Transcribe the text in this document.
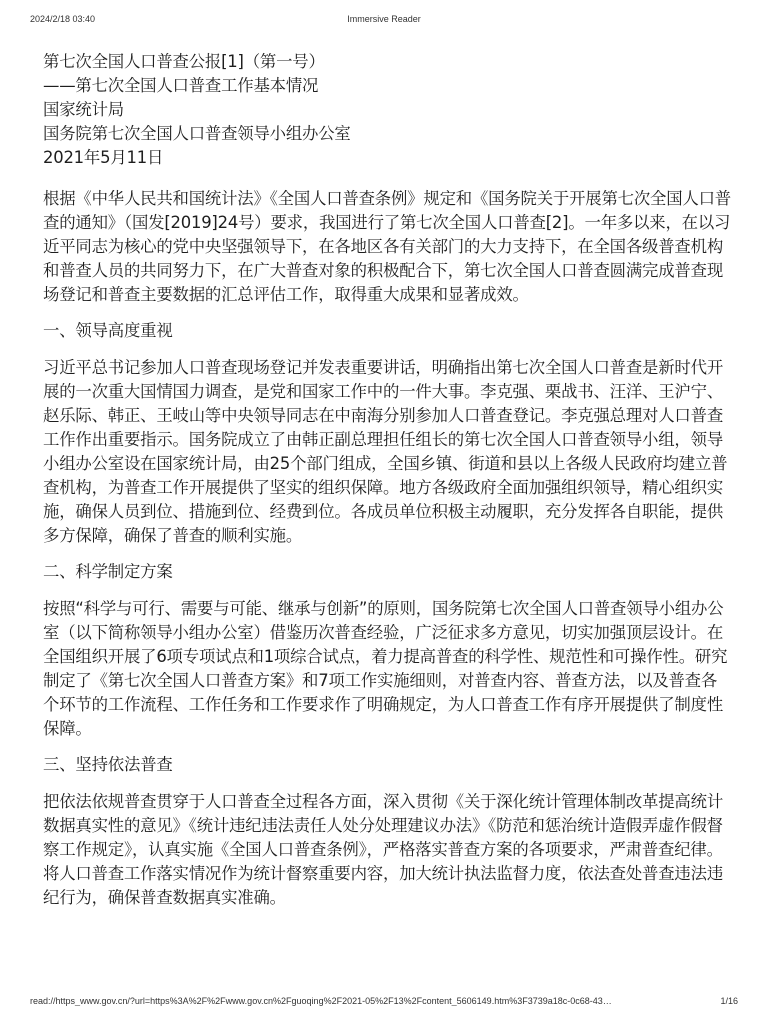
2024/2/18 03:40	Immersive Reader
第七次全国人口普查公报[1]（第一号）
——第七次全国人口普查工作基本情况
国家统计局
国务院第七次全国人口普查领导小组办公室
2021年5月11日

根据《中华人民共和国统计法》《全国人口普查条例》规定和《国务院关于开展第七次全国人口普查的通知》（国发[2019]24号）要求，我国进行了第七次全国人口普查[2]。一年多以来，在以习近平同志为核心的党中央坚强领导下，在各地区各有关部门的大力支持下，在全国各级普查机构和普查人员的共同努力下，在广大普查对象的积极配合下，第七次全国人口普查圆满完成普查现场登记和普查主要数据的汇总评估工作，取得重大成果和显著成效。

一、领导高度重视

习近平总书记参加人口普查现场登记并发表重要讲话，明确指出第七次全国人口普查是新时代开展的一次重大国情国力调查，是党和国家工作中的一件大事。李克强、栗战书、汪洋、王沪宁、赵乐际、韩正、王岐山等中央领导同志在中南海分别参加人口普查登记。李克强总理对人口普查工作作出重要指示。国务院成立了由韩正副总理担任组长的第七次全国人口普查领导小组，领导小组办公室设在国家统计局，由25个部门组成，全国乡镇、街道和县以上各级人民政府均建立普查机构，为普查工作开展提供了坚实的组织保障。地方各级政府全面加强组织领导，精心组织实施，确保人员到位、措施到位、经费到位。各成员单位积极主动履职，充分发挥各自职能，提供多方保障，确保了普查的顺利实施。

二、科学制定方案

按照“科学与可行、需要与可能、继承与创新”的原则，国务院第七次全国人口普查领导小组办公室（以下简称领导小组办公室）借鉴历次普查经验，广泛征求多方意见，切实加强顶层设计。在全国组织开展了6项专项试点和1项综合试点，着力提高普查的科学性、规范性和可操作性。研究制定了《第七次全国人口普查方案》和7项工作实施细则，对普查内容、普查方法，以及普查各个环节的工作流程、工作任务和工作要求作了明确规定，为人口普查工作有序开展提供了制度性保障。

三、坚持依法普查

把依法依规普查贯穿于人口普查全过程各方面，深入贯彻《关于深化统计管理体制改革提高统计数据真实性的意见》《统计违纪违法责任人处分处理建议办法》《防范和惩治统计造假弄虚作假督察工作规定》，认真实施《全国人口普查条例》，严格落实普查方案的各项要求，严肃普查纪律。将人口普查工作落实情况作为统计督察重要内容，加大统计执法监督力度，依法查处普查违法违纪行为，确保普查数据真实准确。

read://https_www.gov.cn/?url=https%3A%2F%2Fwww.gov.cn%2Fguoqing%2F2021-05%2F13%2Fcontent_5606149.htm%3F3739a18c-0c68-43…	1/16
